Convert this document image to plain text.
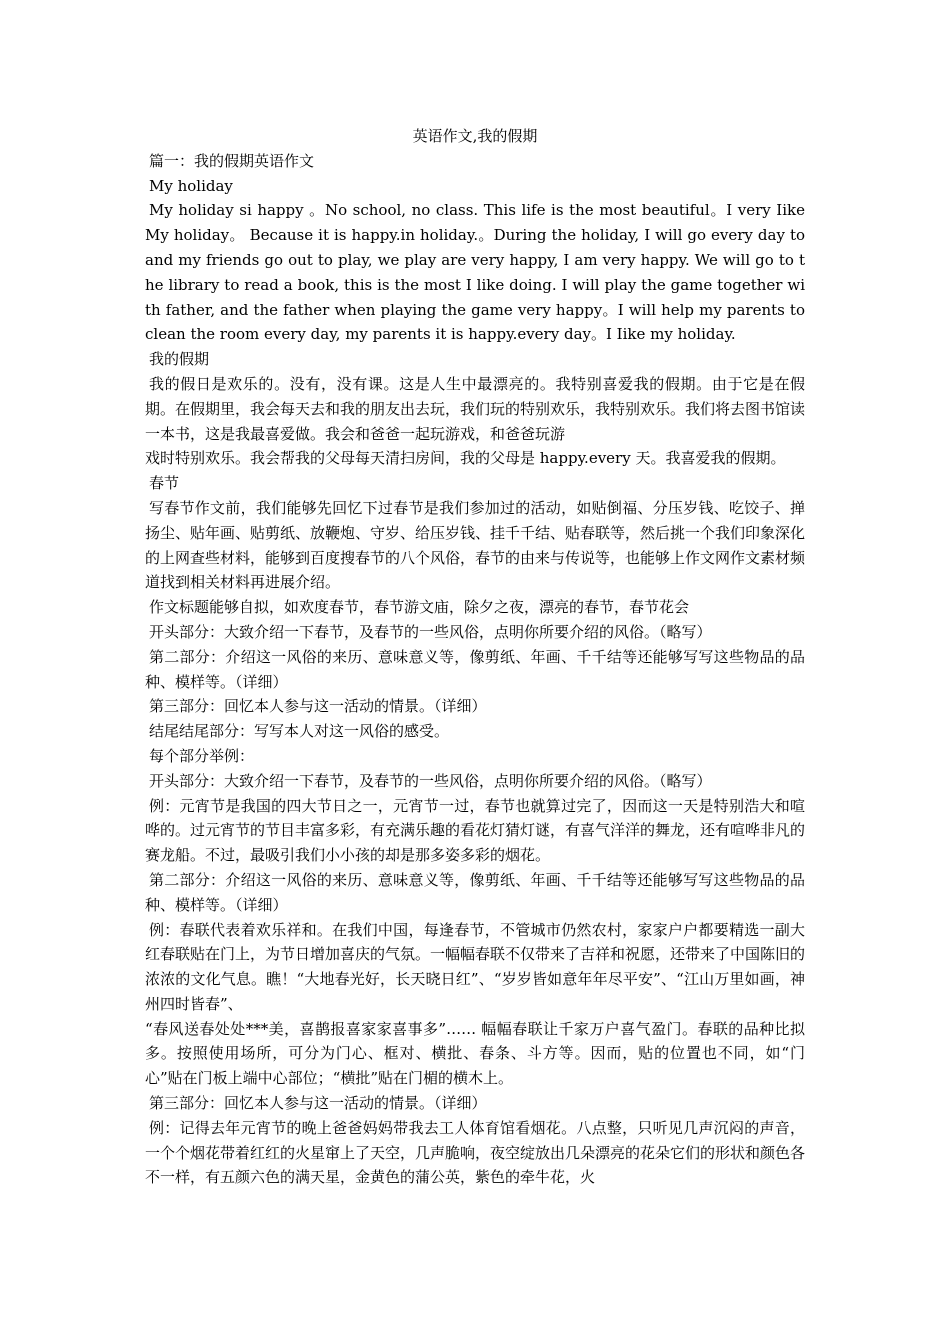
英语作文,我的假期

篇一：我的假期英语作文

My holiday

My holiday si happy 。No school, no class. This life is the most beautiful。I very Iike My holiday。 Because it is happy.in holiday.。During the holiday, I will go every day to and my friends go out to play, we play are very happy, I am very happy. We will go to the library to read a book, this is the most I like doing. I will play the game together with father, and the father when playing the game very happy。I will help my parents to clean the room every day, my parents it is happy.every day。I Iike my holiday.

我的假期

我的假日是欢乐的。没有，没有课。这是人生中最漂亮的。我特别喜爱我的假期。由于它是在假期。在假期里，我会每天去和我的朋友出去玩，我们玩的特别欢乐，我特别欢乐。我们将去图书馆读一本书，这是我最喜爱做。我会和爸爸一起玩游戏，和爸爸玩游

戏时特别欢乐。我会帮我的父母每天清扫房间，我的父母是 happy.every 天。我喜爱我的假期。

春节

写春节作文前，我们能够先回忆下过春节是我们参加过的活动，如贴倒福、分压岁钱、吃饺子、掸扬尘、贴年画、贴剪纸、放鞭炮、守岁、给压岁钱、挂千千结、贴春联等，然后挑一个我们印象深化的上网查些材料，能够到百度搜春节的八个风俗，春节的由来与传说等，也能够上作文网作文素材频道找到相关材料再进展介绍。

作文标题能够自拟，如欢度春节，春节游文庙，除夕之夜，漂亮的春节，春节花会

开头部分：大致介绍一下春节，及春节的一些风俗，点明你所要介绍的风俗。（略写）

第二部分：介绍这一风俗的来历、意味意义等，像剪纸、年画、千千结等还能够写写这些物品的品种、模样等。（详细）

第三部分：回忆本人参与这一活动的情景。（详细）

结尾结尾部分：写写本人对这一风俗的感受。

每个部分举例：

开头部分：大致介绍一下春节，及春节的一些风俗，点明你所要介绍的风俗。（略写）

例：元宵节是我国的四大节日之一，元宵节一过，春节也就算过完了，因而这一天是特别浩大和喧哗的。过元宵节的节目丰富多彩，有充满乐趣的看花灯猜灯谜，有喜气洋洋的舞龙，还有喧哗非凡的赛龙船。不过，最吸引我们小小孩的却是那多姿多彩的烟花。

第二部分：介绍这一风俗的来历、意味意义等，像剪纸、年画、千千结等还能够写写这些物品的品种、模样等。（详细）

例：春联代表着欢乐祥和。在我们中国，每逢春节，不管城市仍然农村，家家户户都要精选一副大红春联贴在门上，为节日增加喜庆的气氛。一幅幅春联不仅带来了吉祥和祝愿，还带来了中国陈旧的浓浓的文化气息。瞧！“大地春光好，长天晓日红”、“岁岁皆如意年年尽平安”、“江山万里如画，神州四时皆春”、

“春风送春处处***美，喜鹊报喜家家喜事多”…… 幅幅春联让千家万户喜气盈门。春联的品种比拟多。按照使用场所，可分为门心、框对、横批、春条、斗方等。因而，贴的位置也不同，如“门心”贴在门板上端中心部位；“横批”贴在门楣的横木上。

第三部分：回忆本人参与这一活动的情景。（详细）

例：记得去年元宵节的晚上爸爸妈妈带我去工人体育馆看烟花。八点整，只听见几声沉闷的声音，一个个烟花带着红红的火星窜上了天空，几声脆响，夜空绽放出几朵漂亮的花朵它们的形状和颜色各不一样，有五颜六色的满天星，金黄色的蒲公英，紫色的牵牛花，火
